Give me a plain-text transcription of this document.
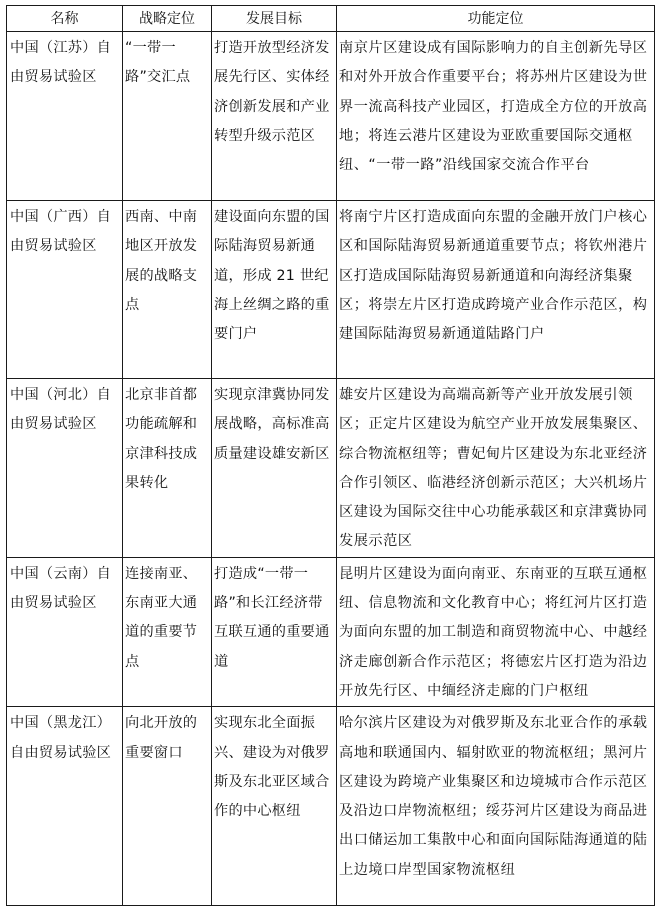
名称	战略定位	发展目标	功能定位
中国（江苏）自由贸易试验区	“一带一路”交汇点	打造开放型经济发展先行区、实体经济创新发展和产业转型升级示范区	南京片区建设成有国际影响力的自主创新先导区和对外开放合作重要平台；将苏州片区建设为世界一流高科技产业园区，打造成全方位的开放高地；将连云港片区建设为亚欧重要国际交通枢纽、“一带一路”沿线国家交流合作平台
中国（广西）自由贸易试验区	西南、中南地区开放发展的战略支点	建设面向东盟的国际陆海贸易新通道，形成 21 世纪海上丝绸之路的重要门户	将南宁片区打造成面向东盟的金融开放门户核心区和国际陆海贸易新通道重要节点；将钦州港片区打造成国际陆海贸易新通道和向海经济集聚区；将崇左片区打造成跨境产业合作示范区，构建国际陆海贸易新通道陆路门户
中国（河北）自由贸易试验区	北京非首都功能疏解和京津科技成果转化	实现京津冀协同发展战略，高标准高质量建设雄安新区	雄安片区建设为高端高新等产业开放发展引领区；正定片区建设为航空产业开放发展集聚区、综合物流枢纽等；曹妃甸片区建设为东北亚经济合作引领区、临港经济创新示范区；大兴机场片区建设为国际交往中心功能承载区和京津冀协同发展示范区
中国（云南）自由贸易试验区	连接南亚、东南亚大通道的重要节点	打造成“一带一路”和长江经济带互联互通的重要通道	昆明片区建设为面向南亚、东南亚的互联互通枢纽、信息物流和文化教育中心；将红河片区打造为面向东盟的加工制造和商贸物流中心、中越经济走廊创新合作示范区；将德宏片区打造为沿边开放先行区、中缅经济走廊的门户枢纽
中国（黑龙江）自由贸易试验区	向北开放的重要窗口	实现东北全面振兴、建设为对俄罗斯及东北亚区域合作的中心枢纽	哈尔滨片区建设为对俄罗斯及东北亚合作的承载高地和联通国内、辐射欧亚的物流枢纽；黑河片区建设为跨境产业集聚区和边境城市合作示范区及沿边口岸物流枢纽；绥芬河片区建设为商品进出口储运加工集散中心和面向国际陆海通道的陆上边境口岸型国家物流枢纽
